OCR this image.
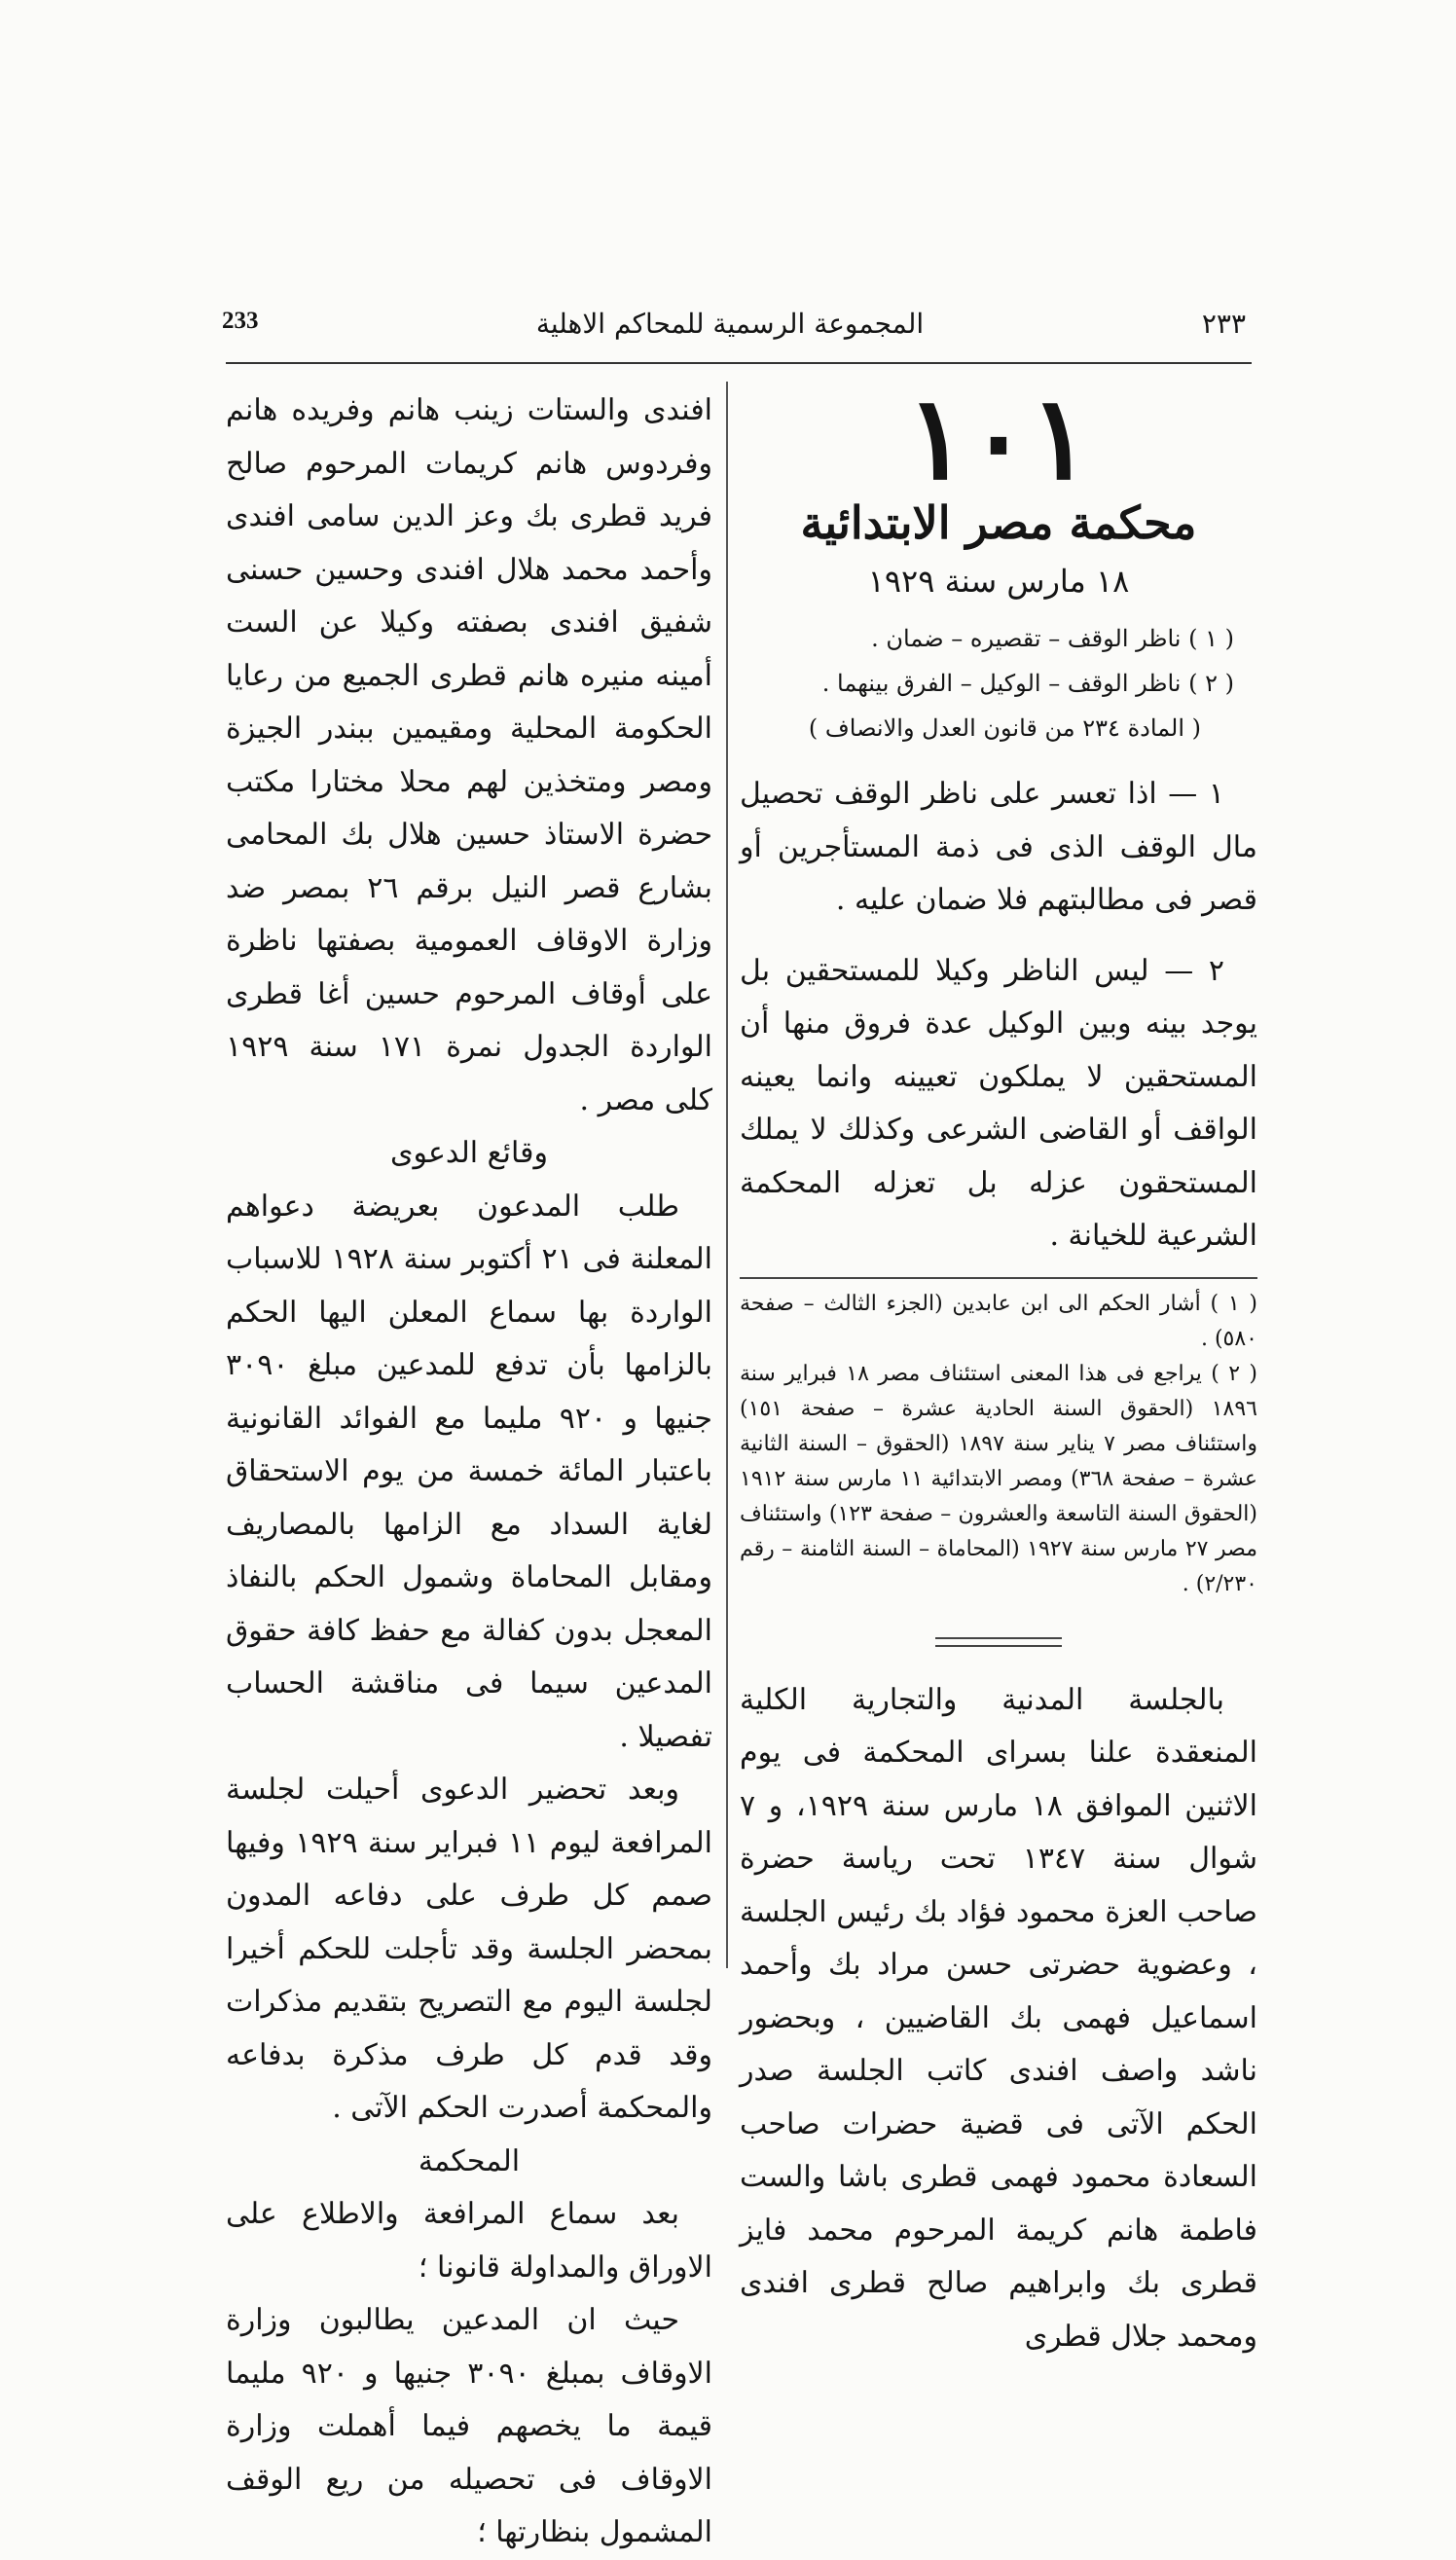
233	المجموعة الرسمية للمحاكم الاهلية	٢٣٣

١٠١

محكمة مصر الابتدائية

١٨ مارس سنة ١٩٢٩

( ١ ) ناظر الوقف – تقصيره – ضمان .

( ٢ ) ناظر الوقف – الوكيل – الفرق بينهما .

( المادة ٢٣٤ من قانون العدل والانصاف )

١ — اذا تعسر على ناظر الوقف تحصيل مال الوقف الذى فى ذمة المستأجرين أو قصر فى مطالبتهم فلا ضمان عليه .

٢ — ليس الناظر وكيلا للمستحقين بل يوجد بينه وبين الوكيل عدة فروق منها أن المستحقين لا يملكون تعيينه وانما يعينه الواقف أو القاضى الشرعى وكذلك لا يملك المستحقون عزله بل تعزله المحكمة الشرعية للخيانة .

( ١ ) أشار الحكم الى ابن عابدين (الجزء الثالث – صفحة ٥٨٠) .

( ٢ ) يراجع فى هذا المعنى استئناف مصر ١٨ فبراير سنة ١٨٩٦ (الحقوق السنة الحادية عشرة – صفحة ١٥١) واستئناف مصر ٧ يناير سنة ١٨٩٧ (الحقوق – السنة الثانية عشرة – صفحة ٣٦٨) ومصر الابتدائية ١١ مارس سنة ١٩١٢ (الحقوق السنة التاسعة والعشرون – صفحة ١٢٣) واستئناف مصر ٢٧ مارس سنة ١٩٢٧ (المحاماة – السنة الثامنة – رقم ٢/٢٣٠) .

بالجلسة المدنية والتجارية الكلية المنعقدة علنا بسراى المحكمة فى يوم الاثنين الموافق ١٨ مارس سنة ١٩٢٩، و ٧ شوال سنة ١٣٤٧ تحت رياسة حضرة صاحب العزة محمود فؤاد بك رئيس الجلسة ، وعضوية حضرتى حسن مراد بك وأحمد اسماعيل فهمى بك القاضيين ، وبحضور ناشد واصف افندى كاتب الجلسة صدر الحكم الآتى فى قضية حضرات صاحب السعادة محمود فهمى قطرى باشا والست فاطمة هانم كريمة المرحوم محمد فايز قطرى بك وابراهيم صالح قطرى افندى ومحمد جلال قطرى

افندى والستات زينب هانم وفريده هانم وفردوس هانم كريمات المرحوم صالح فريد قطرى بك وعز الدين سامى افندى وأحمد محمد هلال افندى وحسين حسنى شفيق افندى بصفته وكيلا عن الست أمينه منيره هانم قطرى الجميع من رعايا الحكومة المحلية ومقيمين ببندر الجيزة ومصر ومتخذين لهم محلا مختارا مكتب حضرة الاستاذ حسين هلال بك المحامى بشارع قصر النيل برقم ٢٦ بمصر ضد وزارة الاوقاف العمومية بصفتها ناظرة على أوقاف المرحوم حسين أغا قطرى الواردة الجدول نمرة ١٧١ سنة ١٩٢٩ كلى مصر .

وقائع الدعوى

طلب المدعون بعريضة دعواهم المعلنة فى ٢١ أكتوبر سنة ١٩٢٨ للاسباب الواردة بها سماع المعلن اليها الحكم بالزامها بأن تدفع للمدعين مبلغ ٣٠٩٠ جنيها و ٩٢٠ مليما مع الفوائد القانونية باعتبار المائة خمسة من يوم الاستحقاق لغاية السداد مع الزامها بالمصاريف ومقابل المحاماة وشمول الحكم بالنفاذ المعجل بدون كفالة مع حفظ كافة حقوق المدعين سيما فى مناقشة الحساب تفصيلا .

وبعد تحضير الدعوى أحيلت لجلسة المرافعة ليوم ١١ فبراير سنة ١٩٢٩ وفيها صمم كل طرف على دفاعه المدون بمحضر الجلسة وقد تأجلت للحكم أخيرا لجلسة اليوم مع التصريح بتقديم مذكرات وقد قدم كل طرف مذكرة بدفاعه والمحكمة أصدرت الحكم الآتى .

المحكمة

بعد سماع المرافعة والاطلاع على الاوراق والمداولة قانونا ؛

حيث ان المدعين يطالبون وزارة الاوقاف بمبلغ ٣٠٩٠ جنيها و ٩٢٠ مليما قيمة ما يخصهم فيما أهملت وزارة الاوقاف فى تحصيله من ريع الوقف المشمول بنظارتها ؛
